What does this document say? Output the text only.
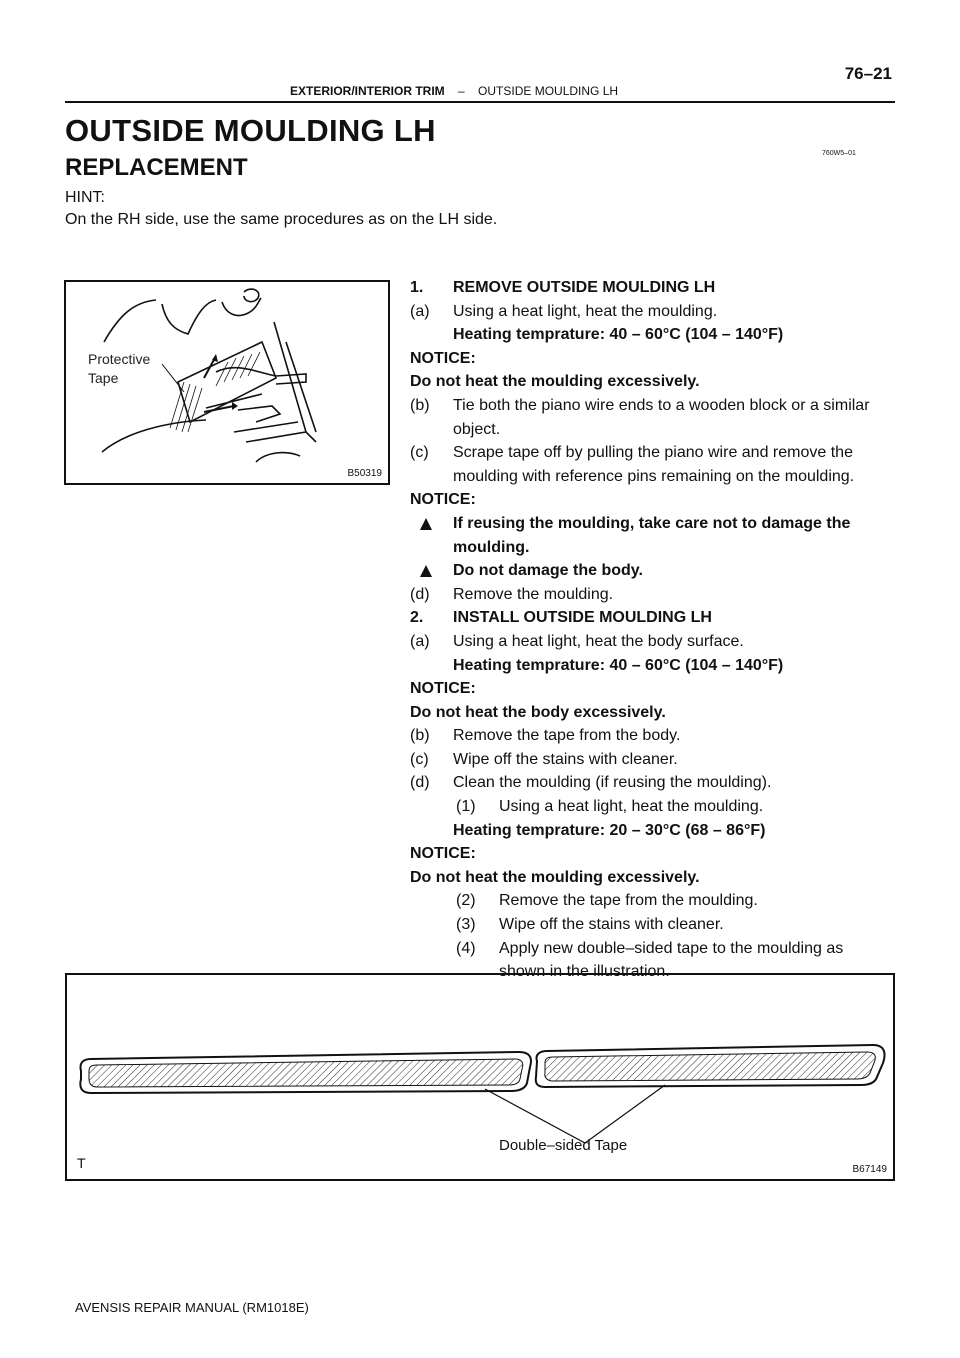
76–21
EXTERIOR/INTERIOR TRIM – OUTSIDE MOULDING LH
OUTSIDE MOULDING LH
760W5–01
REPLACEMENT
HINT:
On the RH side, use the same procedures as on the LH side.
Protective
Tape
B50319
1. REMOVE OUTSIDE MOULDING LH
(a) Using a heat light, heat the moulding.
Heating temprature: 40 – 60°C (104 – 140°F)
NOTICE:
Do not heat the moulding excessively.
(b) Tie both the piano wire ends to a wooden block or a similar
object.
(c) Scrape tape off by pulling the piano wire and remove the
moulding with reference pins remaining on the moulding.
NOTICE:
If reusing the moulding, take care not to damage the
moulding.
Do not damage the body.
(d) Remove the moulding.
2. INSTALL OUTSIDE MOULDING LH
(a) Using a heat light, heat the body surface.
Heating temprature: 40 – 60°C (104 – 140°F)
NOTICE:
Do not heat the body excessively.
(b) Remove the tape from the body.
(c) Wipe off the stains with cleaner.
(d) Clean the moulding (if reusing the moulding).
(1) Using a heat light, heat the moulding.
Heating temprature: 20 – 30°C (68 – 86°F)
NOTICE:
Do not heat the moulding excessively.
(2) Remove the tape from the moulding.
(3) Wipe off the stains with cleaner.
(4) Apply new double–sided tape to the moulding as
shown in the illustration.
Double–sided Tape
T	B67149
AVENSIS REPAIR MANUAL (RM1018E)
